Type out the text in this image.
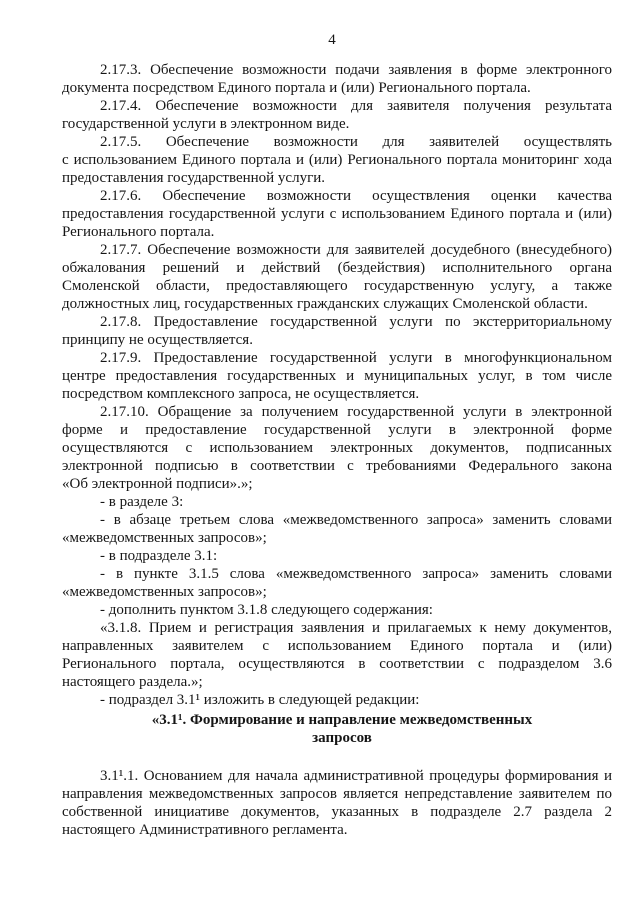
4
2.17.3. Обеспечение возможности подачи заявления в форме электронного
документа посредством Единого портала и (или) Регионального портала.
2.17.4. Обеспечение возможности для заявителя получения результата
государственной услуги в электронном виде.
2.17.5. Обеспечение возможности для заявителей осуществлять
с использованием Единого портала и (или) Регионального портала мониторинг хода
предоставления государственной услуги.
2.17.6. Обеспечение возможности осуществления оценки качества
предоставления государственной услуги с использованием Единого портала и (или)
Регионального портала.
2.17.7. Обеспечение возможности для заявителей досудебного (внесудебного)
обжалования решений и действий (бездействия) исполнительного органа
Смоленской области, предоставляющего государственную услугу, а также
должностных лиц, государственных гражданских служащих Смоленской области.
2.17.8. Предоставление государственной услуги по экстерриториальному
принципу не осуществляется.
2.17.9. Предоставление государственной услуги в многофункциональном
центре предоставления государственных и муниципальных услуг, в том числе
посредством комплексного запроса, не осуществляется.
2.17.10. Обращение за получением государственной услуги в электронной
форме и предоставление государственной услуги в электронной форме
осуществляются с использованием электронных документов, подписанных
электронной подписью в соответствии с требованиями Федерального закона
«Об электронной подписи».»;
- в разделе 3:
- в абзаце третьем слова «межведомственного запроса» заменить словами
«межведомственных запросов»;
- в подразделе 3.1:
- в пункте 3.1.5 слова «межведомственного запроса» заменить словами
«межведомственных запросов»;
- дополнить пунктом 3.1.8 следующего содержания:
«3.1.8. Прием и регистрация заявления и прилагаемых к нему документов,
направленных заявителем с использованием Единого портала и (или)
Регионального портала, осуществляются в соответствии с подразделом 3.6
настоящего раздела.»;
- подраздел 3.1¹ изложить в следующей редакции:
«3.1¹. Формирование и направление межведомственных
запросов
3.1¹.1. Основанием для начала административной процедуры формирования и
направления межведомственных запросов является непредставление заявителем по
собственной инициативе документов, указанных в подразделе 2.7 раздела 2
настоящего Административного регламента.
